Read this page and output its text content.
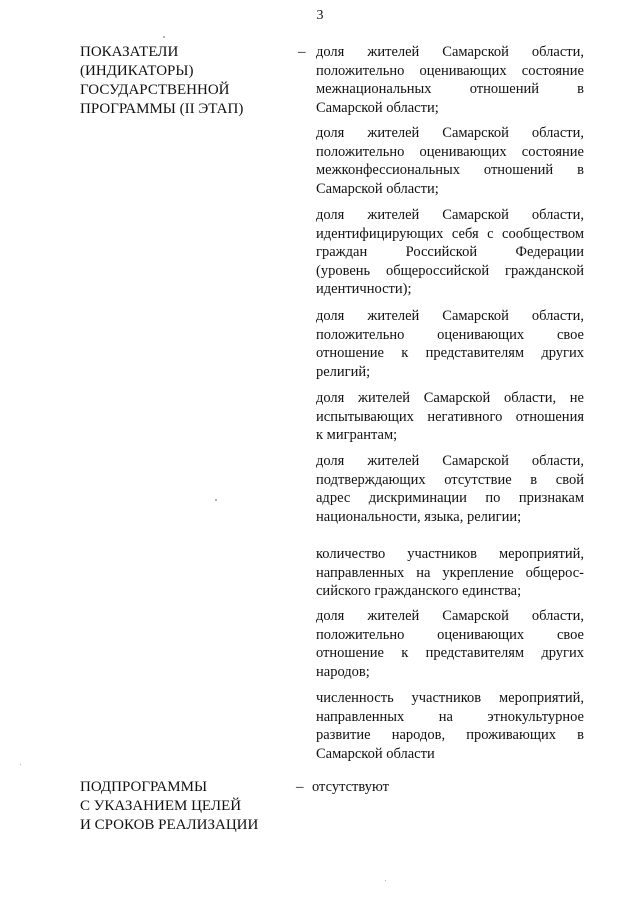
3
ПОКАЗАТЕЛИ
(ИНДИКАТОРЫ)
ГОСУДАРСТВЕННОЙ
ПРОГРАММЫ (II ЭТАП)
– доля жителей Самарской области,
положительно оценивающих состояние
межнациональных отношений в
Самарской области;
доля жителей Самарской области,
положительно оценивающих состояние
межконфессиональных отношений в
Самарской области;
доля жителей Самарской области,
идентифицирующих себя с сообществом
граждан Российской Федерации
(уровень общероссийской гражданской
идентичности);
доля жителей Самарской области,
положительно оценивающих свое
отношение к представителям других
религий;
доля жителей Самарской области, не
испытывающих негативного отношения
к мигрантам;
доля жителей Самарской области,
подтверждающих отсутствие в свой
адрес дискриминации по признакам
национальности, языка, религии;
количество участников мероприятий,
направленных на укрепление общерос-
сийского гражданского единства;
доля жителей Самарской области,
положительно оценивающих свое
отношение к представителям других
народов;
численность участников мероприятий,
направленных на этнокультурное
развитие народов, проживающих в
Самарской области
ПОДПРОГРАММЫ
С УКАЗАНИЕМ ЦЕЛЕЙ
И СРОКОВ РЕАЛИЗАЦИИ
– отсутствуют
